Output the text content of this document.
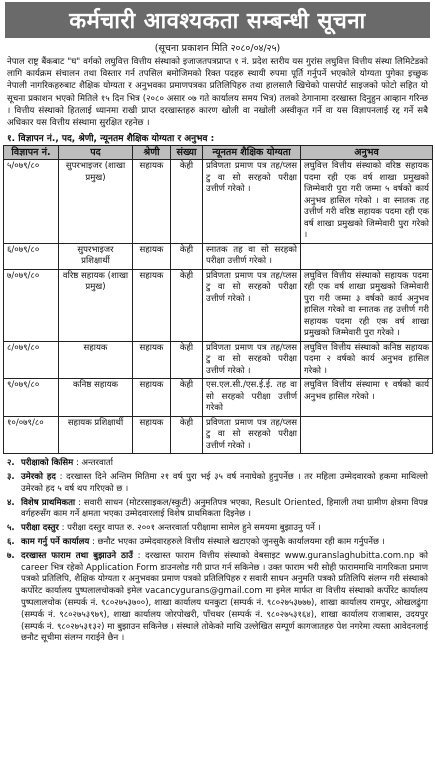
कर्मचारी आवश्यकता सम्बन्धी सूचना
(सूचना प्रकाशन मिति २०८०/०४/२५)
नेपाल राष्ट्र बैंकबाट "घ" वर्गको लघुवित्त वित्तीय संस्थाको इजाजतपत्रप्राप्त १ नं. प्रदेश स्तरीय यस गुरांस लघुवित्त वित्तीय संस्था लिमिटेडको लागि कार्यक्रम संचालन तथा विस्तार गर्न तपसिल बमोजिमको रिक्त पदहरु स्थायी रुपमा पूर्ति गर्नुपर्ने भएकोले योग्यता पुगेका इच्छुक नेपाली नागरिकहरुबाट शैक्षिक योग्यता र अनुभवका प्रमाणपत्रका प्रतिलिपिहरु तथा हालसालै खिचेको पासपोर्ट साइजको फोटो सहित यो सूचना प्रकाशन भएको मितिले १५ दिन भित्र (२०८० असार ०७ गते कार्यालय समय भित्र) तलको ठेगानामा दरखास्त दिनुहुन आव्हान गरिन्छ । वित्तीय संस्थाको हितलाई ध्यानमा राखी प्राप्त दरखास्तहरु कारण खोली वा नखोली अस्वीकृत गर्ने वा यस विज्ञापनलाई रद्द गर्ने सबै अधिकार यस वित्तीय संस्थामा सुरक्षित रहनेछ ।
१. विज्ञापन नं., पद, श्रेणी, न्यूनतम शैक्षिक योग्यता र अनुभव :
विज्ञापन नं.	पद	श्रेणी	संख्या	न्यूनतम शैक्षिक योग्यता	अनुभव
५/०७९/८०	सुपरभाइजर (शाखा प्रमुख)	सहायक	केही	प्रविणता प्रमाण पत्र तह/प्लस टु वा सो सरहको परीक्षा उत्तीर्ण गरेको ।	लघुवित्त वित्तीय संस्थाको वरिष्ठ सहायक पदमा रही एक वर्ष शाखा प्रमुखको जिम्मेवारी पुरा गरी जम्मा ५ वर्षको कार्य अनुभव हासिल गरेको । वा स्नातक तह उत्तीर्ण गरी वरिष्ठ सहायक पदमा रही एक वर्ष शाखा प्रमुखको जिम्मेवारी पुरा गरेको ।
६/०७९/८०	सुपरभाइजर प्रशिक्षार्थी	सहायक	केही	स्नातक तह वा सो सरहको परीक्षा उत्तीर्ण गरेको ।	
७/०७९/८०	वरिष्ठ सहायक (शाखा प्रमुख)	सहायक	केही	प्रविणता प्रमाण पत्र तह/प्लस टु वा सो सरहको परीक्षा उत्तीर्ण गरेको ।	लघुवित्त वित्तीय संस्थाको सहायक पदमा रही एक वर्ष शाखा प्रमुखको जिम्मेवारी पुरा गरी जम्मा ३ वर्षको कार्य अनुभव हासिल गरेको वा स्नातक तह उत्तीर्ण गरी सहायक पदमा रही एक वर्ष शाखा प्रमुखको जिम्मेवारी पुरा गरेको ।
८/०७९/८०	सहायक	सहायक	केही	प्रविणता प्रमाण पत्र तह/प्लस टु वा सो सरहको परीक्षा उत्तीर्ण गरेको ।	लघुवित्त वित्तीय संस्थाको कनिष्ठ सहायक पदमा २ वर्षको कार्य अनुभव हासिल गरेको ।
९/०७९/८०	कनिष्ठ सहायक	सहायक	केही	एस.एल.सी./एस.ई.ई. तह वा सो सरहको परीक्षा उत्तीर्ण गरेको	लघुवित्त वित्तीय संस्थामा १ वर्षको कार्य अनुभव हासिल गरेको ।
१०/०७९/८०	सहायक प्रशिक्षार्थी	सहायक	केही	प्रविणता प्रमाण पत्र तह/प्लस टु वा सो सरहको परीक्षा उत्तीर्ण गरेको ।	
२. परीक्षाको किसिम : अन्तरवार्ता
३. उमेरको हद : दरखास्त दिने अन्तिम मितिमा २१ वर्ष पुरा भई ३५ वर्ष ननाघेको हुनुपर्नेछ । तर महिला उम्मेदवारको हकमा माथिल्लो उमेरको हद ५ वर्ष थप गरिएको छ ।
४. विशेष प्राथमिकता : सवारी साधन (मोटरसाइकल/स्कुटी) अनुमतिपत्र भएका, Result Oriented, हिमाली तथा ग्रामीण क्षेत्रमा विपन्न वर्गहरुसँग काम गर्ने क्षमता भएका उम्मेदवारलाई विशेष प्राथमिकता दिइनेछ ।
५. परीक्षा दस्तुर : परीक्षा दस्तुर वापत रु. २००१ अन्तरवार्ता परीक्षामा सामेल हुने समयमा बुझाउनु पर्ने ।
६. काम गर्नु पर्ने कार्यालय : छनौट भएका उम्मेदवारहरुले वित्तीय संस्थाले खटाएको जुनसुकै कार्यालयमा रही काम गर्नुपर्नेछ ।
७. दरखास्त फाराम तथा बुझाउने ठाउँ : दरखास्त फाराम वित्तीय संस्थाको वेबसाइट www.guranslaghubitta.com.np को career भित्र रहेको Application Form डाउनलोड गरी प्राप्त गर्न सकिनेछ । उक्त फाराम भरी सोही फाराममाथि नागरिकता प्रमाण पत्रको प्रतिलिपि, शैक्षिक योग्यता र अनुभवका प्रमाण पत्रको प्रतिलिपिहरु र सवारी साधन अनुमति पत्रको प्रतिलिपि संलग्न गरी संस्थाको कर्पोरेट कार्यालय पुष्पलालचोकको इमेल vacancygurans@gmail.com मा इमेल मार्फत वा वित्तीय संस्थाको कर्पोरेट कार्यालय पुष्पलालचोक (सम्पर्क नं. ९८०२७५३७००), शाखा कार्यालय धनकुटा (सम्पर्क नं. ९८०२७५३७७७), शाखा कार्यालय रामपुर, ओखलढुंगा (सम्पर्क नं. ९८०२७५३९७९), शाखा कार्यालय जोरपोखरी, पाँचथर (सम्पर्क नं. ९८०२७५३१६४), शाखा कार्यालय राजाबास, उदयपुर (सम्पर्क नं. ९८०२७५३१३२) मा बुझाउन सकिनेछ । संस्थाले तोकेको माथि उल्लेखित सम्पूर्ण कागजातहरु पेश नगरेमा त्यस्ता आवेदनलाई छनौट सूचीमा संलग्न गराईने छैन ।
